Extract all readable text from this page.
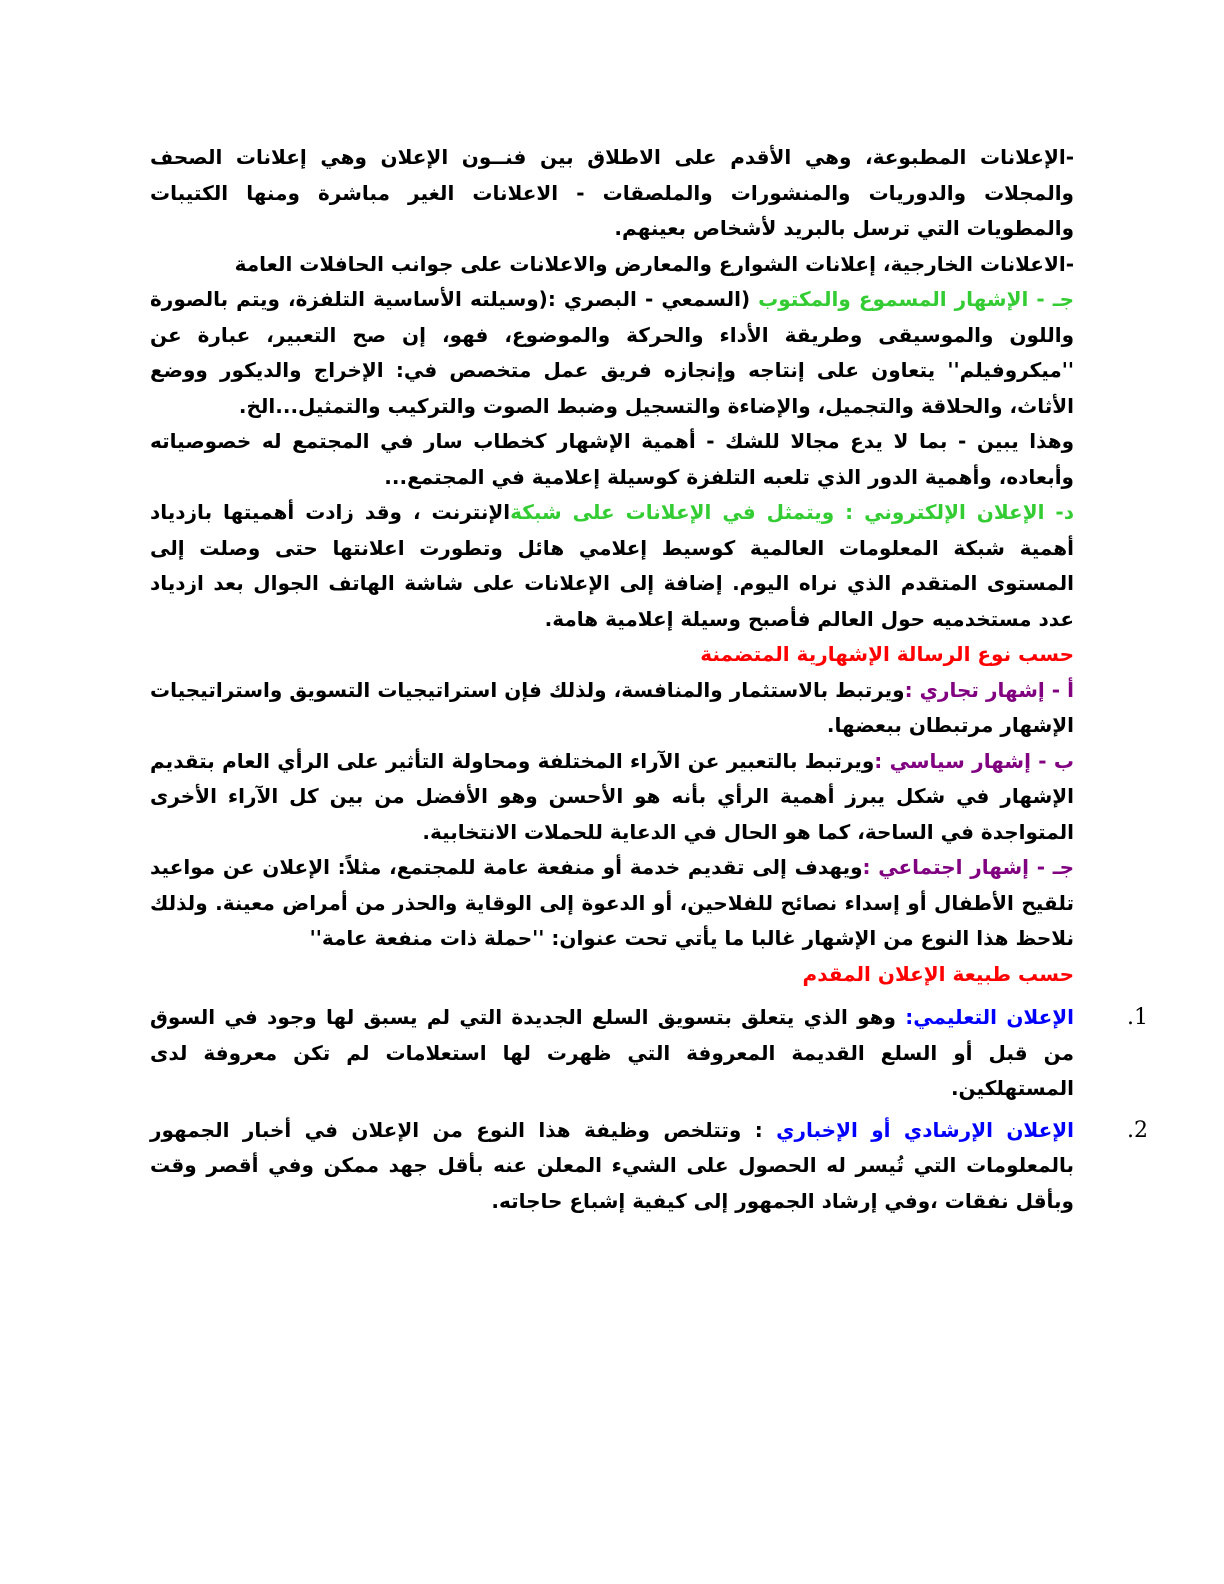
-الإعلانات المطبوعة، وهي الأقدم على الاطلاق بين فنــون الإعلان وهي إعلانات الصحف والمجلات والدوريات والمنشورات والملصقات - الاعلانات الغير مباشرة ومنها الكتيبات والمطويات التي ترسل بالبريد لأشخاص بعينهم.

-الاعلانات الخارجية، إعلانات الشوارع والمعارض والاعلانات على جوانب الحافلات العامة

جـ - الإشهار المسموع والمكتوب (السمعي - البصري :(وسيلته الأساسية التلفزة، ويتم بالصورة واللون والموسيقى وطريقة الأداء والحركة والموضوع، فهو، إن صح التعبير، عبارة عن ''ميكروفيلم'' يتعاون على إنتاجه وإنجازه فريق عمل متخصص في: الإخراج والديكور ووضع الأثاث، والحلاقة والتجميل، والإضاءة والتسجيل وضبط الصوت والتركيب والتمثيل...الخ.

وهذا يبين - بما لا يدع مجالا للشك - أهمية الإشهار كخطاب سار في المجتمع له خصوصياته وأبعاده، وأهمية الدور الذي تلعبه التلفزة كوسيلة إعلامية في المجتمع...

د- الإعلان الإلكتروني : ويتمثل في الإعلانات على شبكةالإنترنت ، وقد زادت أهميتها بازدياد أهمية شبكة المعلومات العالمية كوسيط إعلامي هائل وتطورت اعلانتها حتى وصلت إلى المستوى المتقدم الذي نراه اليوم. إضافة إلى الإعلانات على شاشة الهاتف الجوال بعد ازدياد عدد مستخدميه حول العالم فأصبح وسيلة إعلامية هامة.

حسب نوع الرسالة الإشهارية المتضمنة

أ - إشهار تجاري :ويرتبط بالاستثمار والمنافسة، ولذلك فإن استراتيجيات التسويق واستراتيجيات الإشهار مرتبطان ببعضها.

ب - إشهار سياسي :ويرتبط بالتعبير عن الآراء المختلفة ومحاولة التأثير على الرأي العام بتقديم الإشهار في شكل يبرز أهمية الرأي بأنه هو الأحسن وهو الأفضل من بين كل الآراء الأخرى المتواجدة في الساحة، كما هو الحال في الدعاية للحملات الانتخابية.

جـ - إشهار اجتماعي :ويهدف إلى تقديم خدمة أو منفعة عامة للمجتمع، مثلاً: الإعلان عن مواعيد تلقيح الأطفال أو إسداء نصائح للفلاحين، أو الدعوة إلى الوقاية والحذر من أمراض معينة. ولذلك نلاحظ هذا النوع من الإشهار غالبا ما يأتي تحت عنوان: ''حملة ذات منفعة عامة''

حسب طبيعة الإعلان المقدم

1.
الإعلان التعليمي: وهو الذي يتعلق بتسويق السلع الجديدة التي لم يسبق لها وجود في السوق من قبل أو السلع القديمة المعروفة التي ظهرت لها استعلامات لم تكن معروفة لدى المستهلكين.
2.
الإعلان الإرشادي أو الإخباري : وتتلخص وظيفة هذا النوع من الإعلان في أخبار الجمهور بالمعلومات التي تُيسر له الحصول على الشيء المعلن عنه بأقل جهد ممكن وفي أقصر وقت وبأقل نفقات ،وفي إرشاد الجمهور إلى كيفية إشباع حاجاته.
